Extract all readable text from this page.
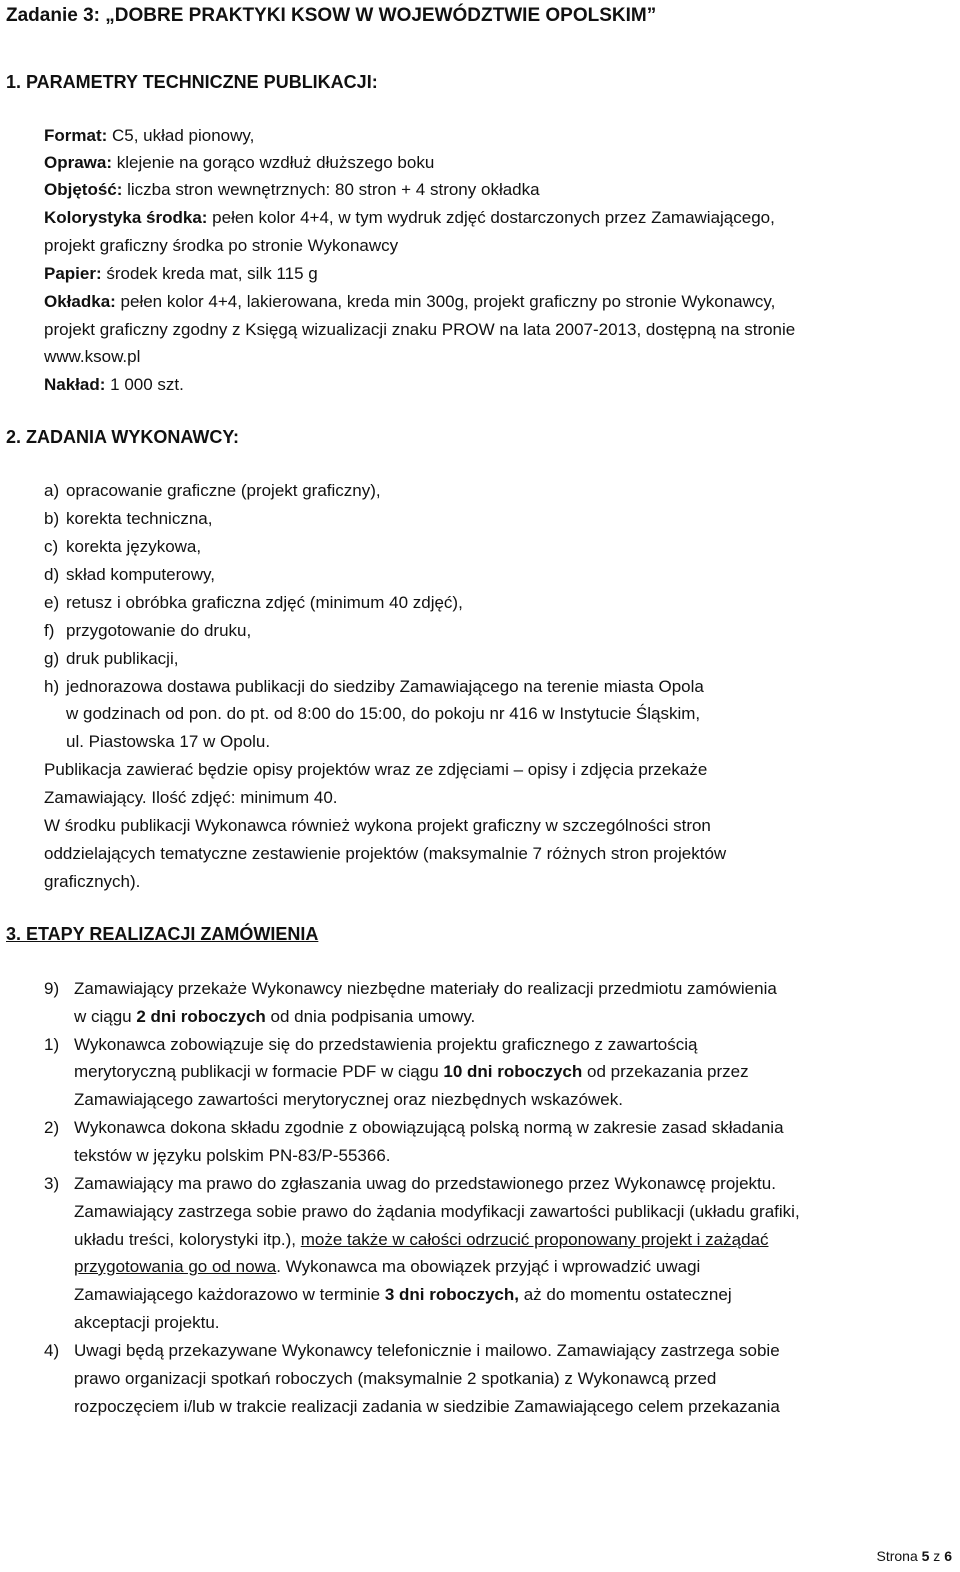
Zadanie 3: „DOBRE PRAKTYKI KSOW W WOJEWÓDZTWIE OPOLSKIM”
1. PARAMETRY TECHNICZNE PUBLIKACJI:
Format: C5, układ pionowy,
Oprawa: klejenie na gorąco wzdłuż dłuższego boku
Objętość: liczba stron wewnętrznych: 80 stron + 4 strony okładka
Kolorystyka środka: pełen kolor 4+4, w tym wydruk zdjęć dostarczonych przez Zamawiającego,
projekt graficzny środka po stronie Wykonawcy
Papier: środek kreda mat, silk 115 g
Okładka: pełen kolor 4+4, lakierowana, kreda min 300g, projekt graficzny po stronie Wykonawcy,
projekt graficzny zgodny z Księgą wizualizacji znaku PROW na lata 2007-2013, dostępną na stronie
www.ksow.pl
Nakład: 1 000 szt.
2. ZADANIA WYKONAWCY:
a) opracowanie graficzne (projekt graficzny),
b) korekta techniczna,
c) korekta językowa,
d) skład komputerowy,
e) retusz i obróbka graficzna zdjęć (minimum 40 zdjęć),
f) przygotowanie do druku,
g) druk publikacji,
h) jednorazowa dostawa publikacji do siedziby Zamawiającego na terenie miasta Opola
w godzinach od pon. do pt. od 8:00 do 15:00, do pokoju nr 416 w Instytucie Śląskim,
ul. Piastowska 17 w Opolu.
Publikacja zawierać będzie opisy projektów wraz ze zdjęciami – opisy i zdjęcia przekaże
Zamawiający. Ilość zdjęć: minimum 40.
W środku publikacji Wykonawca również wykona projekt graficzny w szczególności stron
oddzielających tematyczne zestawienie projektów (maksymalnie 7 różnych stron projektów
graficznych).
3. ETAPY REALIZACJI ZAMÓWIENIA
9) Zamawiający przekaże Wykonawcy niezbędne materiały do realizacji przedmiotu zamówienia
w ciągu 2 dni roboczych od dnia podpisania umowy.
1) Wykonawca zobowiązuje się do przedstawienia projektu graficznego z zawartością
merytoryczną publikacji w formacie PDF w ciągu 10 dni roboczych od przekazania przez
Zamawiającego zawartości merytorycznej oraz niezbędnych wskazówek.
2) Wykonawca dokona składu zgodnie z obowiązującą polską normą w zakresie zasad składania
tekstów w języku polskim PN-83/P-55366.
3) Zamawiający ma prawo do zgłaszania uwag do przedstawionego przez Wykonawcę projektu.
Zamawiający zastrzega sobie prawo do żądania modyfikacji zawartości publikacji (układu grafiki,
układu treści, kolorystyki itp.), może także w całości odrzucić proponowany projekt i zażądać
przygotowania go od nowa. Wykonawca ma obowiązek przyjąć i wprowadzić uwagi
Zamawiającego każdorazowo w terminie 3 dni roboczych, aż do momentu ostatecznej
akceptacji projektu.
4) Uwagi będą przekazywane Wykonawcy telefonicznie i mailowo. Zamawiający zastrzega sobie
prawo organizacji spotkań roboczych (maksymalnie 2 spotkania) z Wykonawcą przed
rozpoczęciem i/lub w trakcie realizacji zadania w siedzibie Zamawiającego celem przekazania
Strona 5 z 6
